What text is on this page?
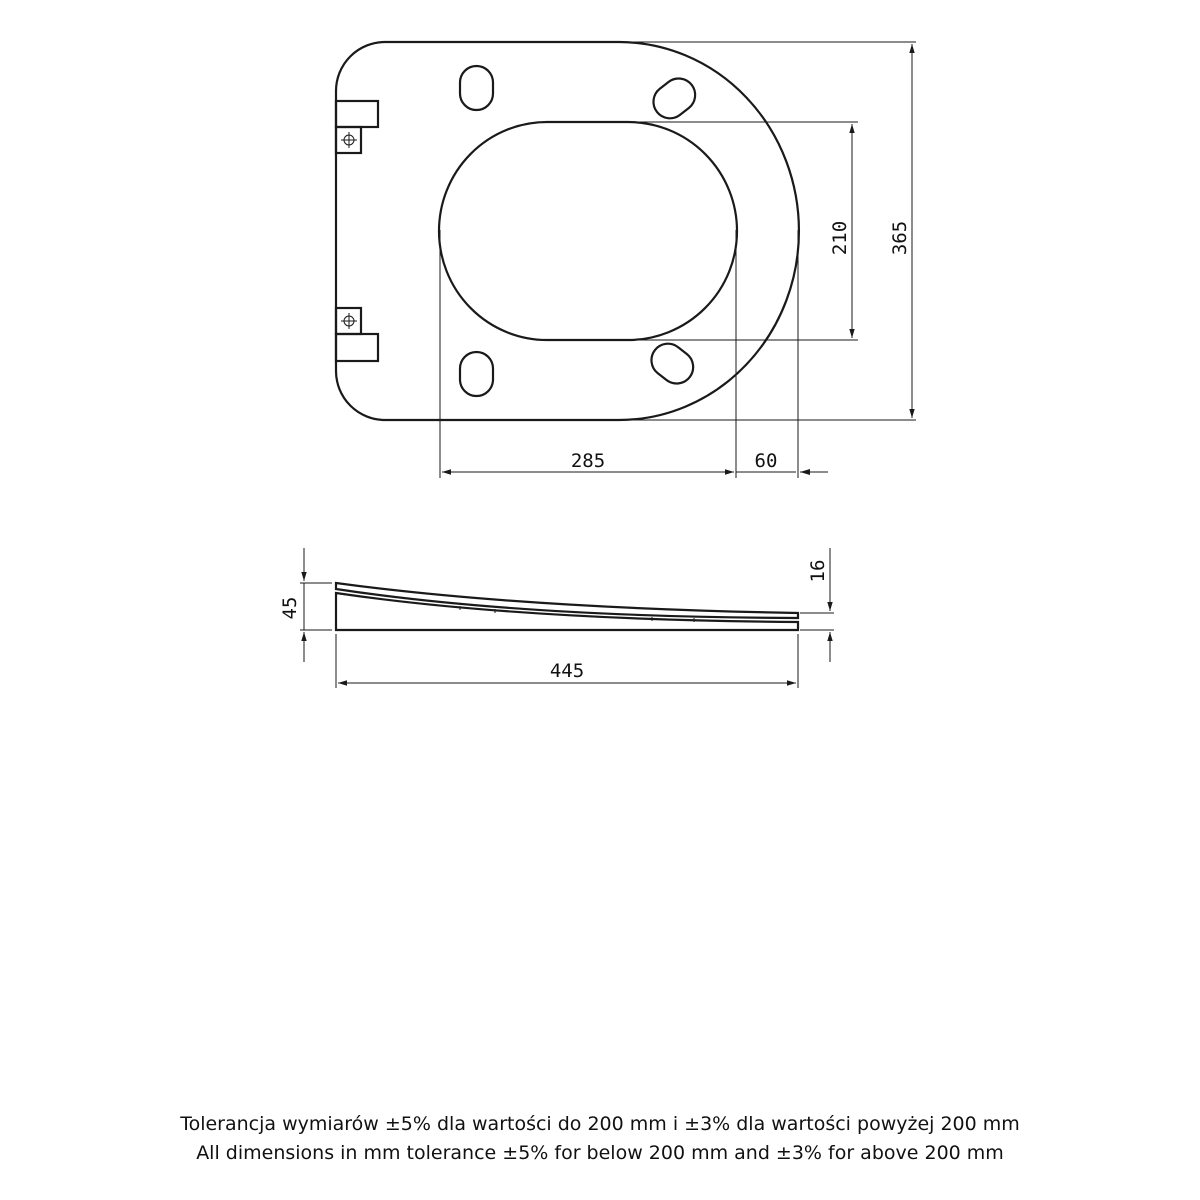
285	60
210 365
45
16
445
Tolerancja wymiarów ±5% dla wartości do 200 mm i ±3% dla wartości powyżej 200 mm
All dimensions in mm tolerance ±5% for below 200 mm and ±3% for above 200 mm
